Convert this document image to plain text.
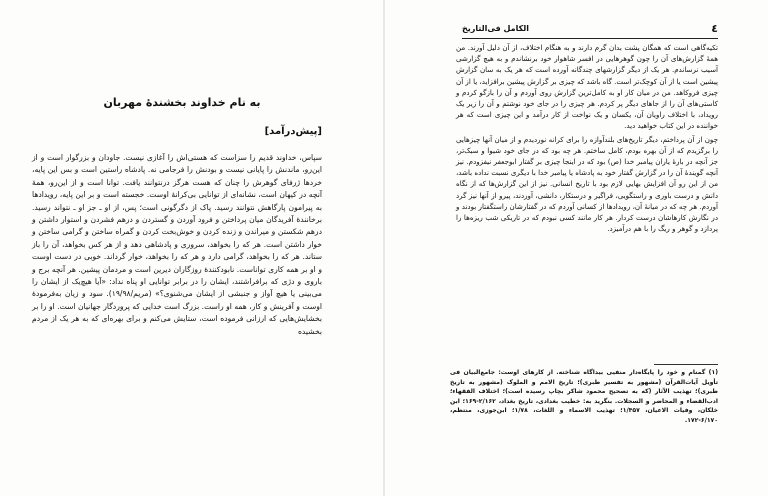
به نام خداوند بخشندهٔ مهربان
[پیش‌درآمد]

سپاس، خداوند قدیم را سزاست که هستی‌اش را آغازی نیست. جاودان و بزرگوار است و از این‌رو، ماندنش را پایانی نیست و بودنش را فرجامی نه. پادشاه راستین است و بس این پایه، خردها ژرفای گوهرش را چنان که هست هرگز درنتوانند یافت. توانا است و از این‌رو، همهٔ آنچه در کیهان است، نشانه‌ای از توانایی بی‌کرانهٔ اوست. خجسته است و بر این پایه، رویدادها به پیرامون پارگاهش نتوانند رسید. پاک از دگرگونی است؛ پس، از او ـ جز او ـ نتواند رسید. برخانندهٔ آفریدگان میان پرداختن و فرود آوردن و گستردن و درهم فشردن و استوار داشتن و درهم شکستن و میراندن و زنده کردن و خوش‌بخت کردن و گمراه ساختن و گرامی ساختن و خوار داشتن است. هر که را بخواهد، سروری و پادشاهی دهد و از هر کس بخواهد، آن را باز ستاند. هر که را بخواهد، گرامی دارد و هر که را بخواهد، خوار گرداند. خوبی در دست اوست و او بر همه کاری تواناست. نابودکنندهٔ روزگاران دیرین است و مردمان پیشین. هر آنچه برج و باروی و دژی که برافراشتند، ایشان را در برابر توانایی او پناه نداد: «آیا هیچ‌یک از ایشان را می‌بینی یا هیچ آواز و جنبشی از ایشان می‌شنوی؟» (مریم/۱۹/۹۸). سود و زیان به‌فرمودهٔ اوست و آفرینش و کار، همه او راست. بزرگ است خدایی که پروردگار جهانیان است. او را بر بخشایش‌هایی که ارزانی فرموده است، ستایش می‌کنم و برای بهره‌ای که به هر یک از مردم بخشیده

٤
الکامل فی‌التاریخ

تکیه‌گاهی است که همگان پشت بدان گرم دارند و به هنگام اختلاف، از آن دلیل آورند. من همهٔ گزارش‌های آن را چون گوهرهایی در افسر شاهوار خود برنشاندم و به هیچ گزارشی آسیب نرساندم. هر یک از دیگر گزارشهای چندگانه آورده است که هر یک به سان گزارش پیشین است یا از آن کوچک‌تر است. گاه باشد که چیزی بر گزارش پیشین برافزاید، یا از آن چیزی فروکاهد. من در میان کار او به کامل‌ترین گزارش روی آوردم و آن را بازگو کردم و کاستی‌های آن را از جاهای دیگر پر کردم. هر چیزی را در جای خود نوشتم و آن را زیر یک رویداد، با اختلاف راویان آن، یکسان و یک نواخت از کار درآمد و این چیزی است که هر خواننده در این کتاب خواهید دید.

چون از آن پرداختم، دیگر تاریخ‌های بلندآوازه را برای کرانه نوردیدم و از میان آنها چیزهایی را برگزیدم که از آن بهره بودم، کامل ساختم. هر چه بود که در جای خود شیوا و سبک‌تر، جز آنچه در بارهٔ یاران پیامبر خدا (ص) بود که در اینجا چیزی بر گفتار ابوجعفر نیفزودم. نیز آنچه گویندهٔ آن را در گزارش گفتار خود به پادشاه یا پیامبر خدا با دیگری نسبت نداده باشد، من از این رو آن افزایش بهایی لازم بود با تاریخ انسانی. نیز از این گزارش‌ها که از نگاه دانش و درست باوری و راستگویی، فراگیر و درستکار، دانشی، آوردند، پیرو از آنها نیز گرد آوردم. هر چه که در میانهٔ آن، رویدادها از کسانی آوردم که در گفتارشان راستگفتار بودند و در نگارش کارهاشان درست کردار. هر کار مانند کسی نبودم که در تاریکی شب ریزه‌ها را پردازد و گوهر و ریگ را با هم درآمیزد.

(۱) گمنام و خود را پایگاه‌دار منفیی بیداگاه شناخته. از کارهای اوست: جامع‌البیان فی تأویل آیات‌القرآن (مشهور به تفسیر طبری)؛ تاریخ الامم و الملوک (مشهور به تاریخ طبری)؛ تهذیب الآثار (که به تصحیح محمود شاکر بچاپ رسیده است)؛ اختلاف الفقهاء؛ ادب‌القضاء و المحاضر و السجلات. بنگرید به: خطیب بغدادی، تاریخ بغداد، ۲/۱۶۲-۱۶۹؛ ابن خلکان، وفیات الاعیان، ۱/۴۵۷؛ تهذیب الاسماء و اللغات، ۱/۷۸؛ ابن‌جوزی، منتظم، ۶/۱۷۰-۱۷۲.
